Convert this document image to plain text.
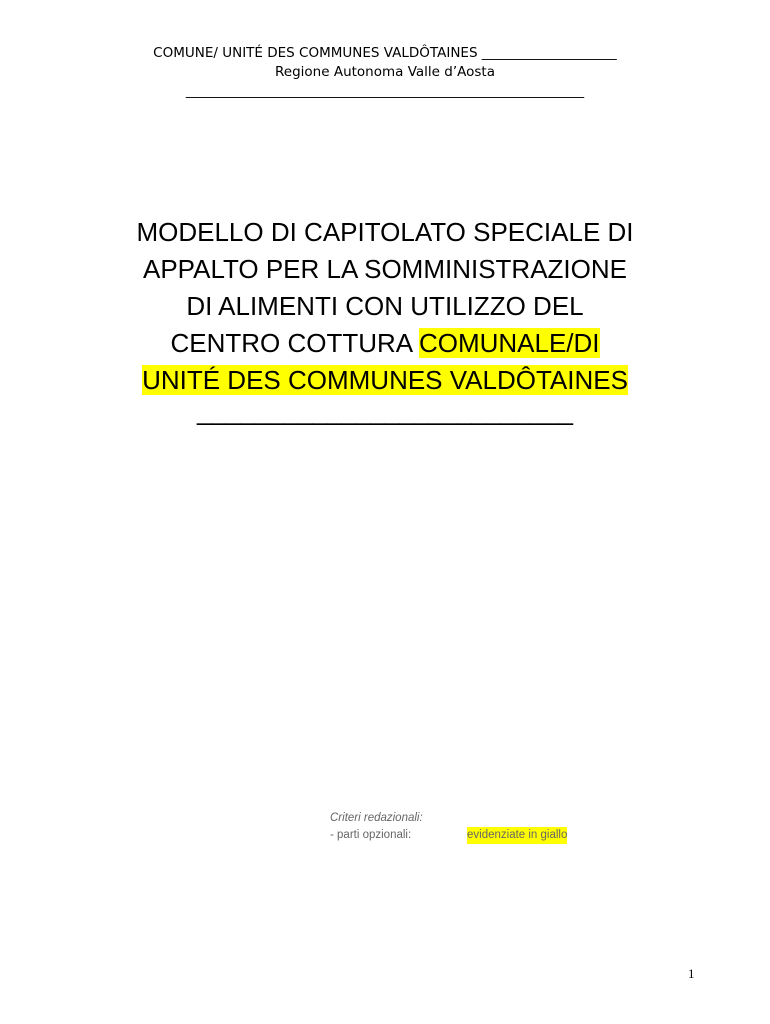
COMUNE/ UNITÉ DES COMMUNES VALDÔTAINES ____________________
Regione Autonoma Valle d’Aosta
___________________________________________________________
MODELLO DI CAPITOLATO SPECIALE DI
APPALTO PER LA SOMMINISTRAZIONE
DI ALIMENTI CON UTILIZZO DEL
CENTRO COTTURA COMUNALE/DI
UNITÉ DES COMMUNES VALDÔTAINES
__________________________
Criteri redazionali:
- parti opzionali:	evidenziate in giallo
1
